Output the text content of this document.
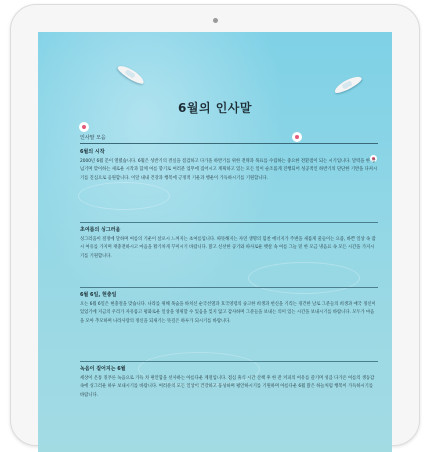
6월의 인사말
인사말 모음
6월의 시작
2000년 6월 문이 열렸습니다. 6월은 성반기의 결실을 점검하고 다가올 하반기를 위한 전략과 목표를 수립하는 중요한 전환점이 되는 시기입니다. 달력을 한 장 넘기며 맞이하는 새로운 시작과 함께 여름 향기로 여러분 업무에 집어시고 계획하고 있는 모든 일이 순조롭게 진행되어 성공적인 하반기의 단단한 기반을 다져시기를 진심으로 응원합니다. 이달 내내 건강과 행복에 긍정적 기운과 행운이 가득하시기를 기원합니다.
초여름의 싱그러움
싱그러움이 절정에 달하며 여름의 기운이 살포시 느껴지는 초여름입니다. 따뜻해지는 자연 생명의 힘찬 에너지가 주변을 새롭게 물들이는 요즘, 바쁜 일상 속 잠시 여유를 가지며 재충전하시고 마음을 활기차게 꾸미시기 바랍니다. 맑고 신선한 공기와 따사로운 햇살 속 여름 그늘 밑 한 모금 냉음료 속 모든 시간을 가지시기를 기원합니다.
6월 6일, 현충일
오는 6월 6일은 현충절을 맞습니다. 나라를 위해 목숨을 바치신 순국선열과 호국영령의 숭고한 희생과 헌신을 기리는 경건한 날로 그분들의 희생과 애국 정신이 있었기에 지금의 우리가 자유롭고 평화로운 일상을 영위할 수 있음을 잊지 않고 감사하며 그분들을 보내는 의미 있는 시간을 보내시기를 바랍니다. 모두가 마음을 모아 추모하며 나라사랑의 정신을 되새기는 뜻깊은 하루가 되시기를 바랍니다.
녹음이 짙어지는 6월
세상이 온통 짙푸른 녹음으로 가득 차 편안함을 선사하는 아름다운 계절입니다. 점심 휴식 시간 산책 후 한 잔 커피의 여유를 즐기며 성큼 다가온 여름의 생동감 속에 싱그러운 하루 보내시기를 바랍니다. 여러분의 모든 일상이 건강하고 풍성하며 평안하시기를 기원하며 아름다운 6월 맑은 하늘처럼 행복이 가득하시기를 바랍니다.
